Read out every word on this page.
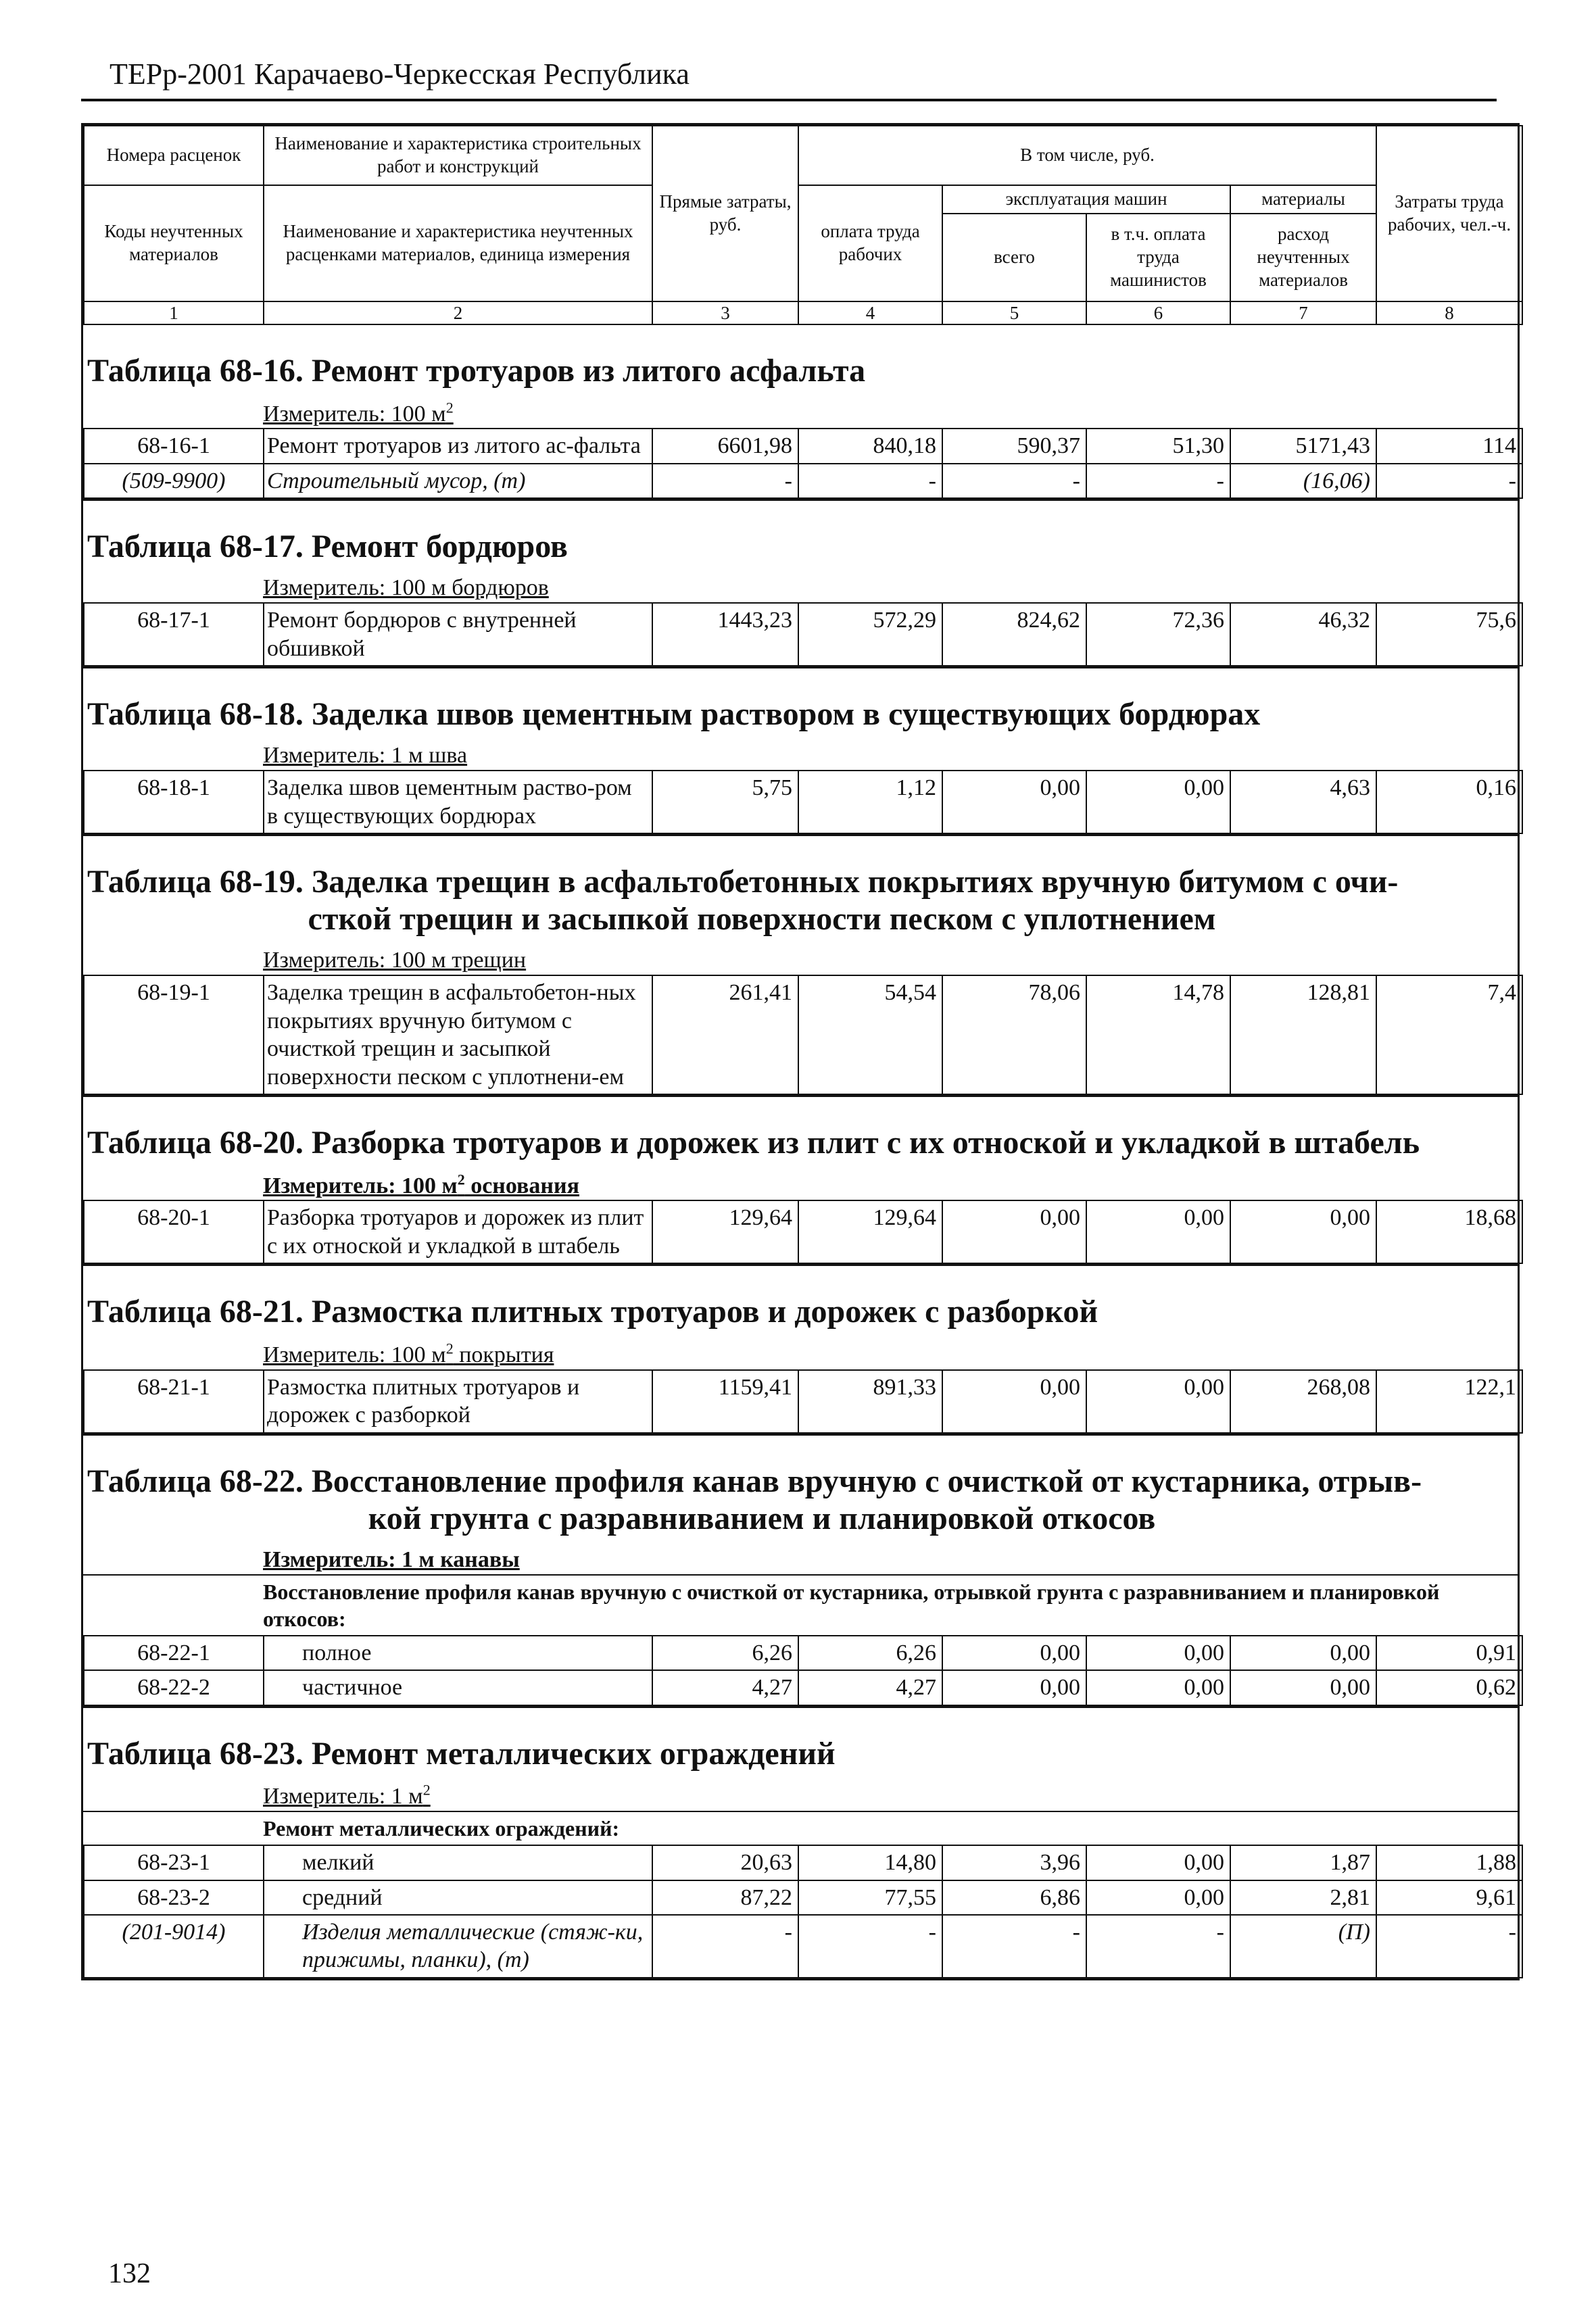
ТЕРр-2001 Карачаево-Черкесская Республика
Номера расценок	Наименование и характеристика строительных работ и конструкций	Прямые затраты, руб.	В том числе, руб.				Затраты труда рабочих, чел.-ч.
Коды неучтенных материалов	Наименование и характеристика неучтенных расценками материалов, единица измерения		оплата труда рабочих	эксплуатация машин		материалы	
				всего	в т.ч. оплата труда машинистов	расход неучтенных материалов	
1	2	3	4	5	6	7	8
Таблица 68-16. Ремонт тротуаров из литого асфальта
Измеритель: 100 $м^2$
68-16-1	Ремонт тротуаров из литого ас-фальта	6601,98	840,18	590,37	51,30	5171,43	114
(509-9900)	Строительный мусор, (т)	-	-	-	-	(16,06)	-
Таблица 68-17. Ремонт бордюров
Измеритель: 100 м бордюров
68-17-1	Ремонт бордюров с внутренней обшивкой	1443,23	572,29	824,62	72,36	46,32	75,6
Таблица 68-18. Заделка швов цементным раствором в существующих бордюрах
Измеритель: 1 м шва
68-18-1	Заделка швов цементным раство-ром в существующих бордюрах	5,75	1,12	0,00	0,00	4,63	0,16
Таблица 68-19. Заделка трещин в асфальтобетонных покрытиях вручную битумом с очи-
сткой трещин и засыпкой поверхности песком с уплотнением
Измеритель: 100 м трещин
68-19-1	Заделка трещин в асфальтобетон-ных покрытиях вручную битумом с очисткой трещин и засыпкой поверхности песком с уплотнени-ем	261,41	54,54	78,06	14,78	128,81	7,4
Таблица 68-20. Разборка тротуаров и дорожек из плит с их отноской и укладкой в штабель
Измеритель: 100 $м^2$ основания
68-20-1	Разборка тротуаров и дорожек из плит с их отноской и укладкой в штабель	129,64	129,64	0,00	0,00	0,00	18,68
Таблица 68-21. Размостка плитных тротуаров и дорожек с разборкой
Измеритель: 100 $м^2$ покрытия
68-21-1	Размостка плитных тротуаров и дорожек с разборкой	1159,41	891,33	0,00	0,00	268,08	122,1
Таблица 68-22. Восстановление профиля канав вручную с очисткой от кустарника, отрыв-
кой грунта с разравниванием и планировкой откосов
Измеритель: 1 м канавы
Восстановление профиля канав вручную с очисткой от кустарника, отрывкой грунта с разравниванием и планировкой откосов:
68-22-1	полное	6,26	6,26	0,00	0,00	0,00	0,91
68-22-2	частичное	4,27	4,27	0,00	0,00	0,00	0,62
Таблица 68-23. Ремонт металлических ограждений
Измеритель: 1 $м^2$
Ремонт металлических ограждений:
68-23-1	мелкий	20,63	14,80	3,96	0,00	1,87	1,88
68-23-2	средний	87,22	77,55	6,86	0,00	2,81	9,61
(201-9014)	Изделия металлические (стяж-ки, прижимы, планки), (т)	-	-	-	-	(П)	-
132
